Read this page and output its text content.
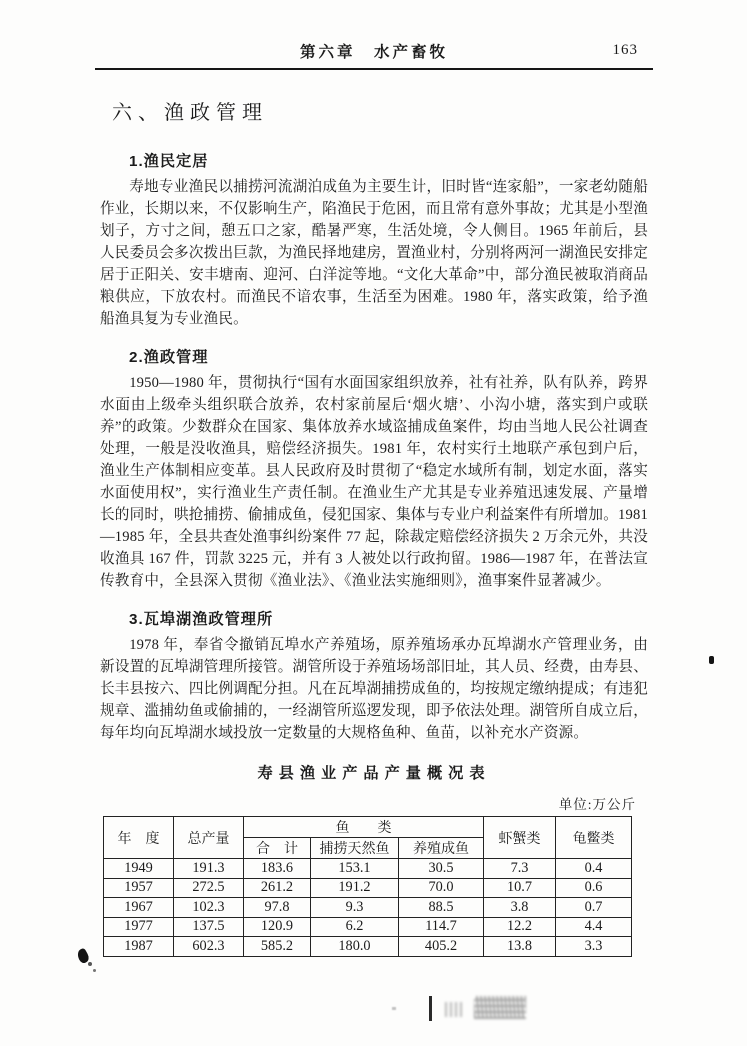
第六章　水产畜牧	163
六、渔政管理
1.渔民定居

寿地专业渔民以捕捞河流湖泊成鱼为主要生计，旧时皆“连家船”，一家老幼随船作业，长期以来，不仅影响生产，陷渔民于危困，而且常有意外事故；尤其是小型渔划子，方寸之间，憩五口之家，酷暑严寒，生活处境，令人侧目。1965 年前后，县人民委员会多次拨出巨款，为渔民择地建房，置渔业村，分别将两河一湖渔民安排定居于正阳关、安丰塘南、迎河、白洋淀等地。“文化大革命”中，部分渔民被取消商品粮供应，下放农村。而渔民不谙农事，生活至为困难。1980 年，落实政策，给予渔船渔具复为专业渔民。

2.渔政管理

1950—1980 年，贯彻执行“国有水面国家组织放养，社有社养，队有队养，跨界水面由上级牵头组织联合放养，农村家前屋后‘烟火塘’、小沟小塘，落实到户或联养”的政策。少数群众在国家、集体放养水域盗捕成鱼案件，均由当地人民公社调查处理，一般是没收渔具，赔偿经济损失。1981 年，农村实行土地联产承包到户后，渔业生产体制相应变革。县人民政府及时贯彻了“稳定水域所有制，划定水面，落实水面使用权”，实行渔业生产责任制。在渔业生产尤其是专业养殖迅速发展、产量增长的同时，哄抢捕捞、偷捕成鱼，侵犯国家、集体与专业户利益案件有所增加。1981—1985 年，全县共查处渔事纠纷案件 77 起，除裁定赔偿经济损失 2 万余元外，共没收渔具 167 件，罚款 3225 元，并有 3 人被处以行政拘留。1986—1987 年，在普法宣传教育中，全县深入贯彻《渔业法》、《渔业法实施细则》，渔事案件显著减少。

3.瓦埠湖渔政管理所

1978 年，奉省令撤销瓦埠水产养殖场，原养殖场承办瓦埠湖水产管理业务，由新设置的瓦埠湖管理所接管。湖管所设于养殖场场部旧址，其人员、经费，由寿县、长丰县按六、四比例调配分担。凡在瓦埠湖捕捞成鱼的，均按规定缴纳提成；有违犯规章、滥捕幼鱼或偷捕的，一经湖管所巡逻发现，即予依法处理。湖管所自成立后，每年均向瓦埠湖水域投放一定数量的大规格鱼种、鱼苗，以补充水产资源。

寿县渔业产品产量概况表
单位:万公斤
年　度	总产量	鱼　　类			虾蟹类	龟鳖类
		合　计	捕捞天然鱼	养殖成鱼		
1949	191.3	183.6	153.1	30.5	7.3	0.4
1957	272.5	261.2	191.2	70.0	10.7	0.6
1967	102.3	97.8	9.3	88.5	3.8	0.7
1977	137.5	120.9	6.2	114.7	12.2	4.4
1987	602.3	585.2	180.0	405.2	13.8	3.3
